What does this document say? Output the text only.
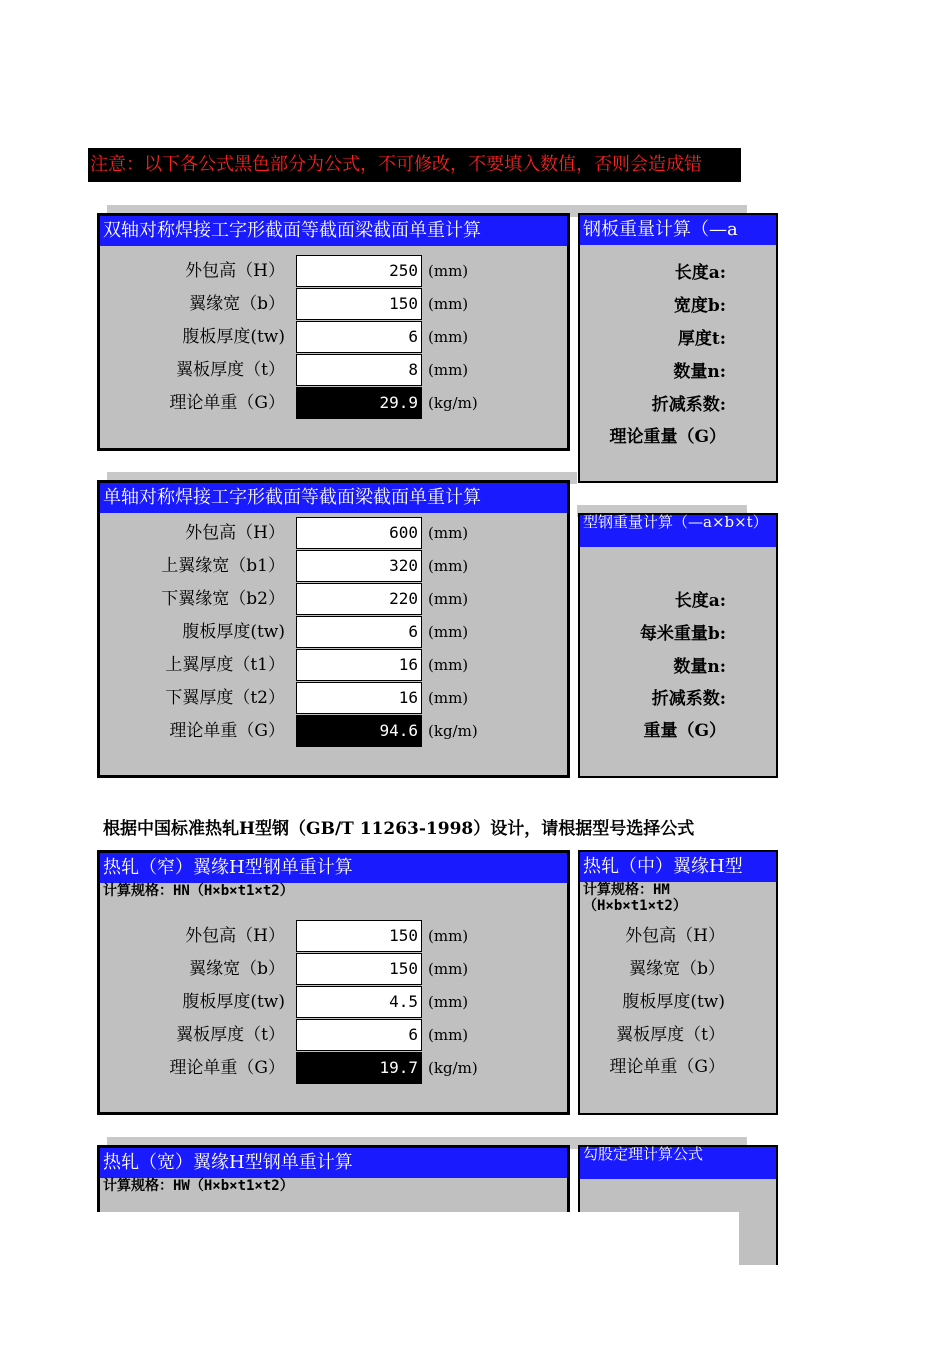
注意：以下各公式黑色部分为公式，不可修改，不要填入数值，否则会造成错
双轴对称焊接工字形截面等截面梁截面单重计算
外包高（H）	250 (mm)
翼缘宽（b）	150 (mm)
腹板厚度(tw)	6 (mm)
翼板厚度（t）	8 (mm)
理论单重（G）	29.9 (kg/m)
钢板重量计算（—a
长度a:
宽度b:
厚度t:
数量n:
折减系数:
理论重量（G）
单轴对称焊接工字形截面等截面梁截面单重计算
外包高（H）	600 (mm)
上翼缘宽（b1）	320 (mm)
下翼缘宽（b2）	220 (mm)
腹板厚度(tw)	6 (mm)
上翼厚度（t1）	16 (mm)
下翼厚度（t2）	16 (mm)
理论单重（G）	94.6 (kg/m)
型钢重量计算（—a×b×t）
长度a:
每米重量b:
数量n:
折减系数:
重量（G）
根据中国标准热轧H型钢（GB/T 11263-1998）设计，请根据型号选择公式
热轧（窄）翼缘H型钢单重计算
计算规格：HN（H×b×t1×t2）
外包高（H）	150 (mm)
翼缘宽（b）	150 (mm)
腹板厚度(tw)	4.5 (mm)
翼板厚度（t）	6 (mm)
理论单重（G）	19.7 (kg/m)
热轧（中）翼缘H型
计算规格：HM（H×b×t1×t2）
外包高（H）
翼缘宽（b）
腹板厚度(tw)
翼板厚度（t）
理论单重（G）
热轧（宽）翼缘H型钢单重计算
计算规格：HW（H×b×t1×t2）
勾股定理计算公式
